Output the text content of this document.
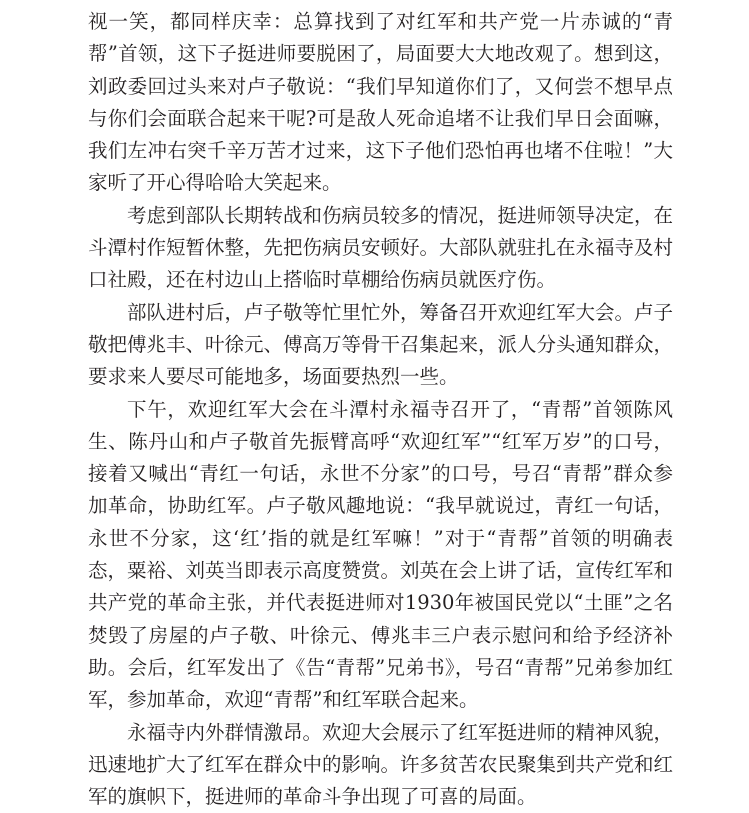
视一笑，都同样庆幸：总算找到了对红军和共产党一片赤诚的“青帮”首领，这下子挺进师要脱困了，局面要大大地改观了。想到这，刘政委回过头来对卢子敬说：“我们早知道你们了，又何尝不想早点与你们会面联合起来干呢?可是敌人死命追堵不让我们早日会面嘛，我们左冲右突千辛万苦才过来，这下子他们恐怕再也堵不住啦！”大家听了开心得哈哈大笑起来。

考虑到部队长期转战和伤病员较多的情况，挺进师领导决定，在斗潭村作短暂休整，先把伤病员安顿好。大部队就驻扎在永福寺及村口社殿，还在村边山上搭临时草棚给伤病员就医疗伤。

部队进村后，卢子敬等忙里忙外，筹备召开欢迎红军大会。卢子敬把傅兆丰、叶徐元、傅高万等骨干召集起来，派人分头通知群众，要求来人要尽可能地多，场面要热烈一些。

下午，欢迎红军大会在斗潭村永福寺召开了，“青帮”首领陈风生、陈丹山和卢子敬首先振臂高呼“欢迎红军”“红军万岁”的口号，接着又喊出“青红一句话，永世不分家”的口号，号召“青帮”群众参加革命，协助红军。卢子敬风趣地说：“我早就说过，青红一句话，永世不分家，这‘红’指的就是红军嘛！”对于“青帮”首领的明确表态，粟裕、刘英当即表示高度赞赏。刘英在会上讲了话，宣传红军和共产党的革命主张，并代表挺进师对1930年被国民党以“土匪”之名焚毁了房屋的卢子敬、叶徐元、傅兆丰三户表示慰问和给予经济补助。会后，红军发出了《告“青帮”兄弟书》，号召“青帮”兄弟参加红军，参加革命，欢迎“青帮”和红军联合起来。

永福寺内外群情激昂。欢迎大会展示了红军挺进师的精神风貌，迅速地扩大了红军在群众中的影响。许多贫苦农民聚集到共产党和红军的旗帜下，挺进师的革命斗争出现了可喜的局面。
